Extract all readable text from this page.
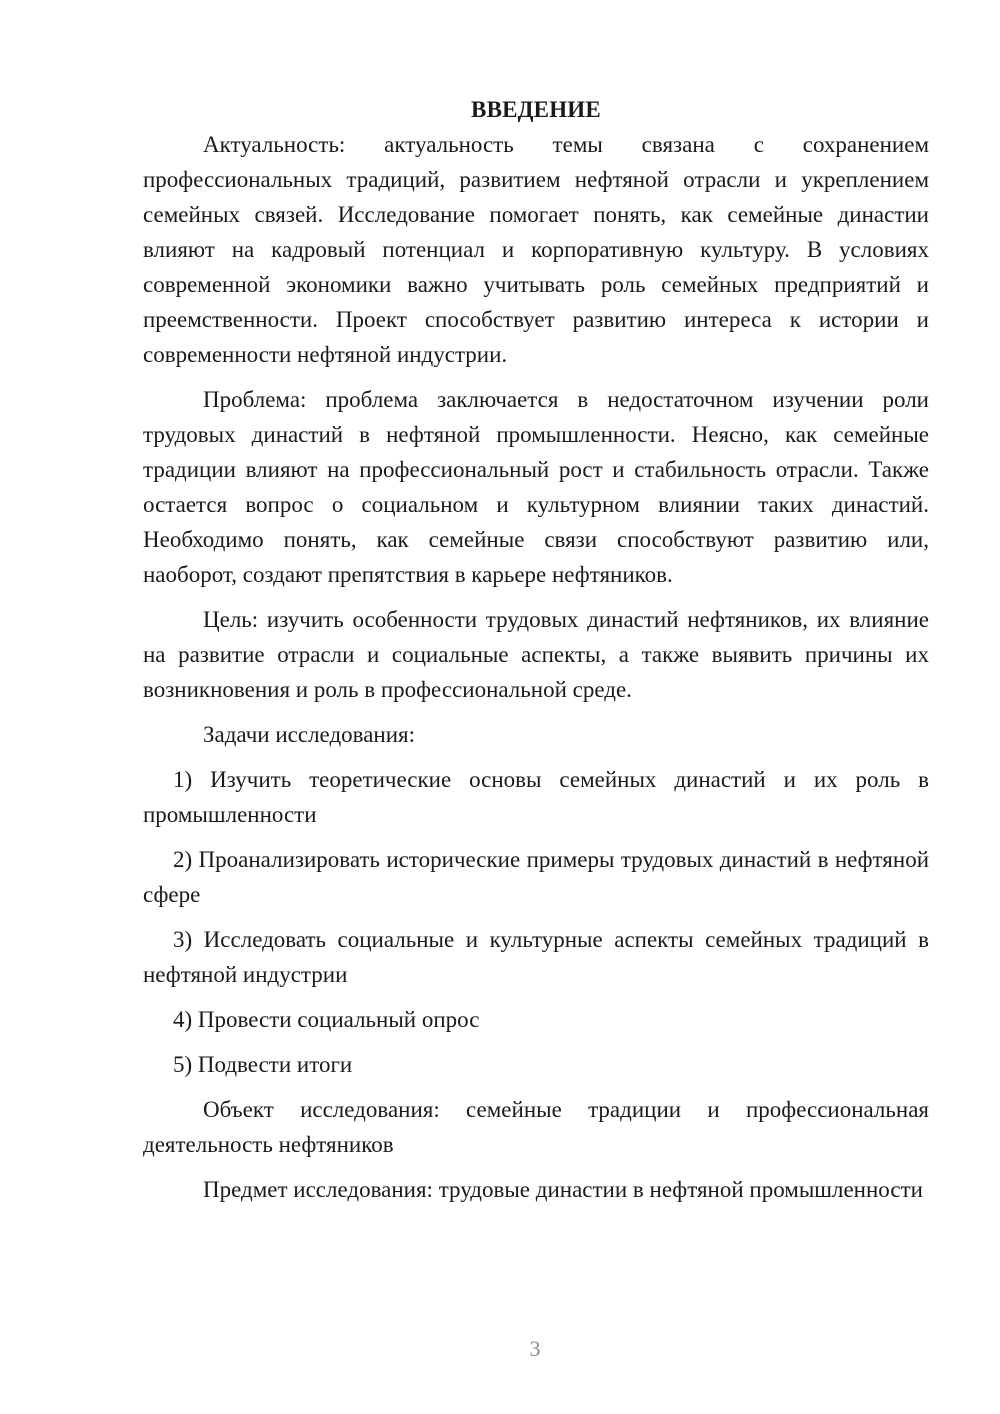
ВВЕДЕНИЕ

Актуальность: актуальность темы связана с сохранением профессиональных традиций, развитием нефтяной отрасли и укреплением семейных связей. Исследование помогает понять, как семейные династии влияют на кадровый потенциал и корпоративную культуру. В условиях современной экономики важно учитывать роль семейных предприятий и преемственности. Проект способствует развитию интереса к истории и современности нефтяной индустрии.

Проблема: проблема заключается в недостаточном изучении роли трудовых династий в нефтяной промышленности. Неясно, как семейные традиции влияют на профессиональный рост и стабильность отрасли. Также остается вопрос о социальном и культурном влиянии таких династий. Необходимо понять, как семейные связи способствуют развитию или, наоборот, создают препятствия в карьере нефтяников.

Цель: изучить особенности трудовых династий нефтяников, их влияние на развитие отрасли и социальные аспекты, а также выявить причины их возникновения и роль в профессиональной среде.

Задачи исследования:

1) Изучить теоретические основы семейных династий и их роль в промышленности

2) Проанализировать исторические примеры трудовых династий в нефтяной сфере

3) Исследовать социальные и культурные аспекты семейных традиций в нефтяной индустрии

4) Провести социальный опрос

5) Подвести итоги

Объект исследования: семейные традиции и профессиональная деятельность нефтяников

Предмет исследования: трудовые династии в нефтяной промышленности

3
